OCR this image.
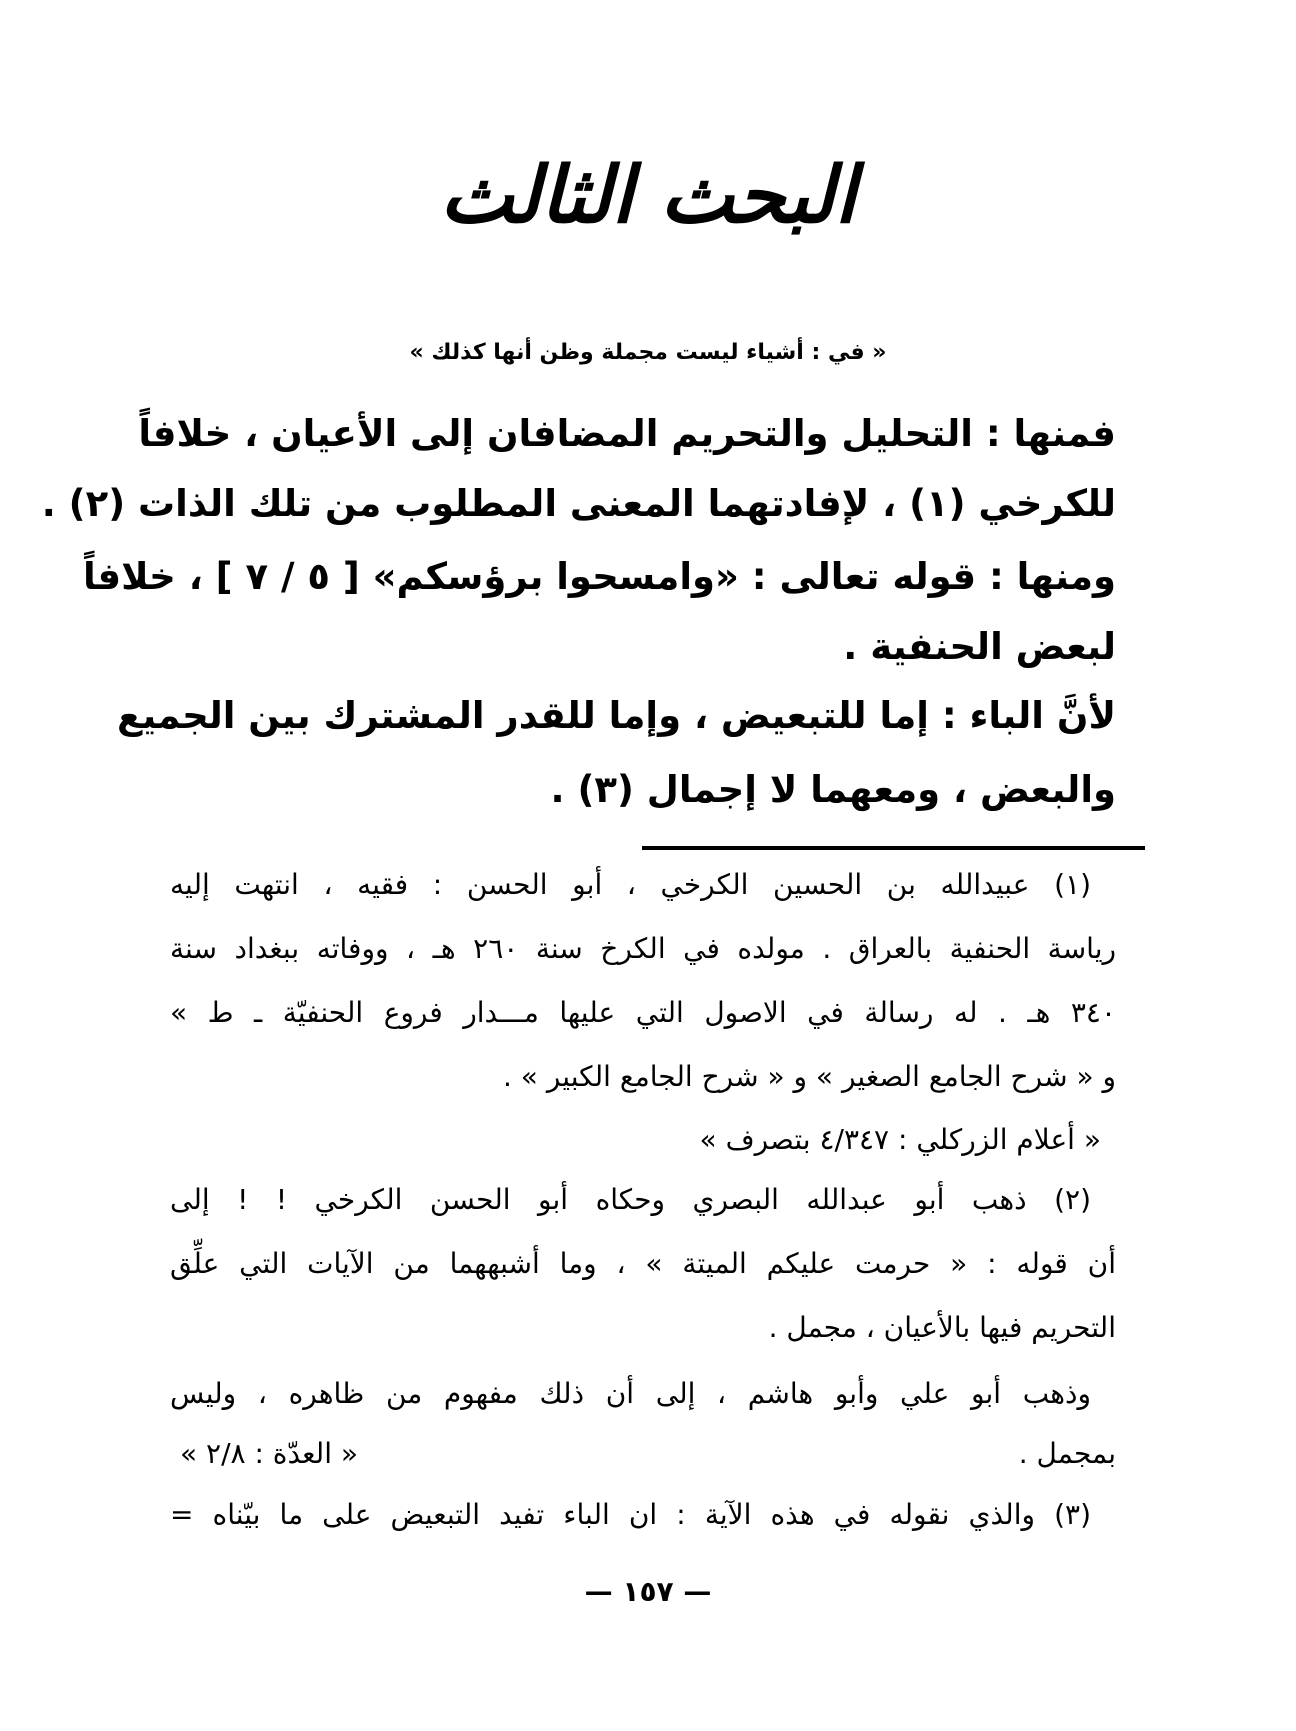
البحث الثالث
« في : أشياء ليست مجملة وظن أنها كذلك »
فمنها : التحليل والتحريم المضافان إلى الأعيان ، خلافاً
للكرخي (١) ، لإفادتهما المعنى المطلوب من تلك الذات (٢) .
ومنها : قوله تعالى : «وامسحوا برؤسكم» [ ٥ / ٧ ] ، خلافاً
لبعض الحنفية .
لأنَّ الباء : إما للتبعيض ، وإما للقدر المشترك بين الجميع
والبعض ، ومعهما لا إجمال (٣) .
(١) عبيدالله بن الحسين الكرخي ، أبو الحسن : فقيه ، انتهت إليه
رياسة الحنفية بالعراق . مولده في الكرخ سنة ٢٦٠ هـ ، ووفاته ببغداد سنة
٣٤٠ هـ . له رسالة في الاصول التي عليها مـــدار فروع الحنفيّة ـ ط »
و « شرح الجامع الصغير » و « شرح الجامع الكبير » .
« أعلام الزركلي : ٤/٣٤٧ بتصرف »
(٢) ذهب أبو عبدالله البصري وحكاه أبو الحسن الكرخي ! ! إلى
أن قوله : « حرمت عليكم الميتة » ، وما أشبههما من الآيات التي علِّق
التحريم فيها بالأعيان ، مجمل .
وذهب أبو علي وأبو هاشم ، إلى أن ذلك مفهوم من ظاهره ، وليس
بمجمل .
« العدّة : ٢/٨ »
(٣) والذي نقوله في هذه الآية : ان الباء تفيد التبعيض على ما بيّناه =
— ١٥٧ —
